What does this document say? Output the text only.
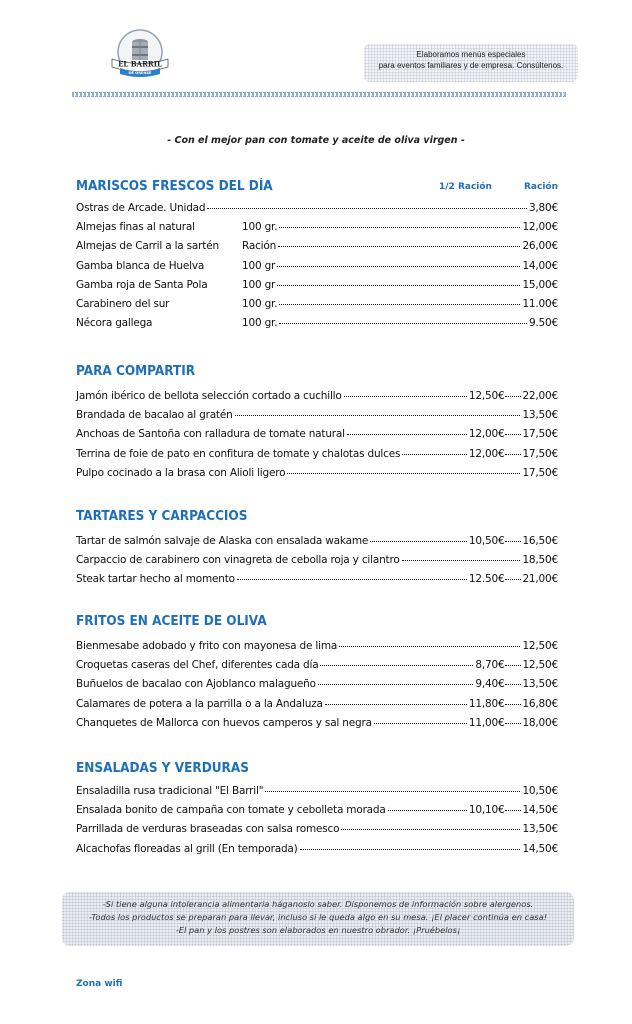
EL BARRIL
DE ORENSE
Elaboramos menús especiales
para eventos familiares y de empresa. Consúltenos.
- Con el mejor pan con tomate y aceite de oliva virgen -
MARISCOS FRESCOS DEL DÍA	1/2 Ración	Ración
Ostras de Arcade. Unidad	3,80€
Almejas finas al natural	100 gr.	12,00€
Almejas de Carril a la sartén	Ración	26,00€
Gamba blanca de Huelva	100 gr	14,00€
Gamba roja de Santa Pola	100 gr	15,00€
Carabinero del sur	100 gr.	11.00€
Nécora gallega	100 gr.	9.50€
PARA COMPARTIR
Jamón ibérico de bellota selección cortado a cuchillo	12,50€ 22,00€
Brandada de bacalao al gratén	13,50€
Anchoas de Santoña con ralladura de tomate natural	12,00€ 17,50€
Terrina de foie de pato en confitura de tomate y chalotas dulces	12,00€ 17,50€
Pulpo cocinado a la brasa con Alioli ligero	17,50€
TARTARES Y CARPACCIOS
Tartar de salmón salvaje de Alaska con ensalada wakame	10,50€ 16,50€
Carpaccio de carabinero con vinagreta de cebolla roja y cilantro	18,50€
Steak tartar hecho al momento	12.50€ 21,00€
FRITOS EN ACEITE DE OLIVA
Bienmesabe adobado y frito con mayonesa de lima	12,50€
Croquetas caseras del Chef, diferentes cada día	8,70€ 12,50€
Buñuelos de bacalao con Ajoblanco malagueño	9,40€ 13,50€
Calamares de potera a la parrilla o a la Andaluza	11,80€ 16,80€
Chanquetes de Mallorca con huevos camperos y sal negra	11,00€ 18,00€
ENSALADAS Y VERDURAS
Ensaladilla rusa tradicional "El Barril"	10,50€
Ensalada bonito de campaña con tomate y cebolleta morada	10,10€ 14,50€
Parrillada de verduras braseadas con salsa romesco	13,50€
Alcachofas floreadas al grill (En temporada)	14,50€
-Si tiene alguna intolerancia alimentaria háganoslo saber. Disponemos de información sobre alergenos.
-Todos los productos se preparan para llevar, incluso si le queda algo en su mesa. ¡El placer continúa en casa!
-El pan y los postres son elaborados en nuestro obrador. ¡Pruébelos¡
Zona wifi
